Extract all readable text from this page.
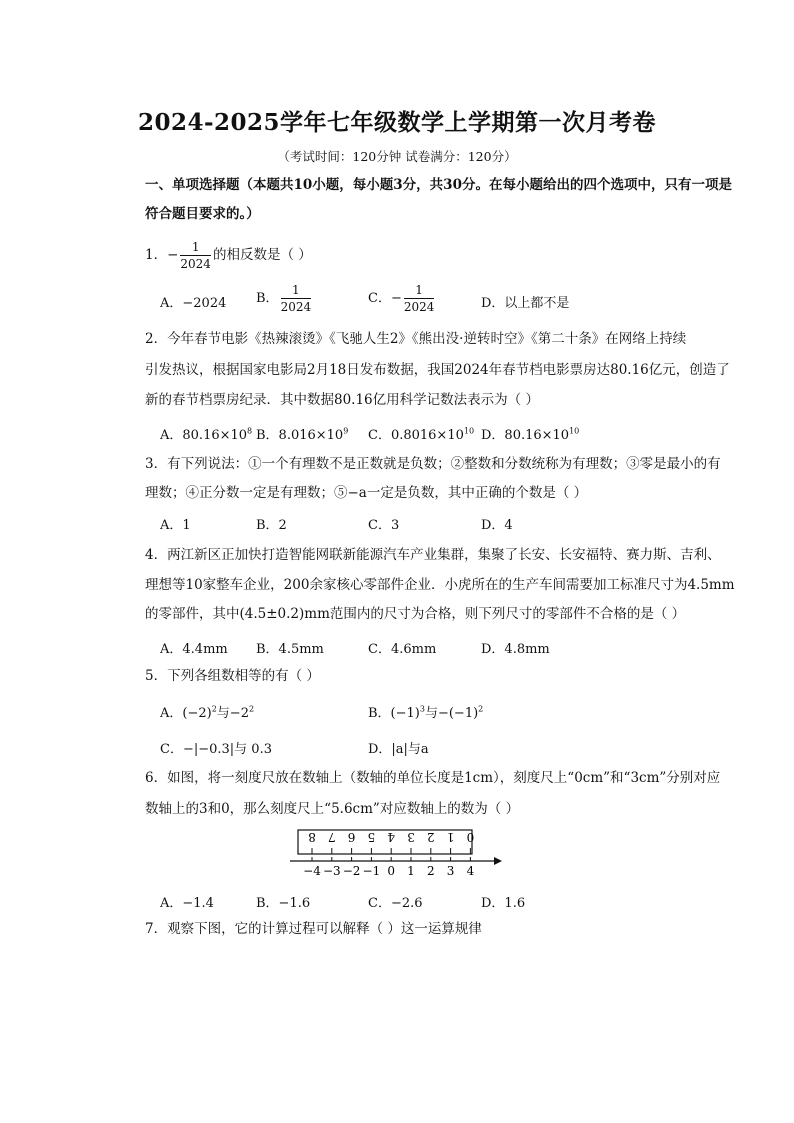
2024-2025学年七年级数学上学期第一次月考卷
（考试时间：120分钟 试卷满分：120分）
一、单项选择题（本题共10小题，每小题3分，共30分。在每小题给出的四个选项中，只有一项是
符合题目要求的。）
1．− $\frac{1}{2024}$ 的相反数是（ ）
A．−2024 B． $\frac{1}{2024}$	C．− $\frac{1}{2024}$	D．以上都不是
2．今年春节电影《热辣滚烫》《飞驰人生2》《熊出没·逆转时空》《第二十条》在网络上持续
引发热议，根据国家电影局2月18日发布数据，我国2024年春节档电影票房达80.16亿元，创造了
新的春节档票房纪录．其中数据80.16亿用科学记数法表示为（ ）
A．$80.16\times 10^8$ B．$8.016\times 10^9$ C．$0.8016\times 10^{10}$ D．$80.16\times 10^{10}$
3．有下列说法：①一个有理数不是正数就是负数；②整数和分数统称为有理数；③零是最小的有
理数；④正分数一定是有理数；⑤−a一定是负数，其中正确的个数是（ ）
A．1	B．2	C．3	D．4
4．两江新区正加快打造智能网联新能源汽车产业集群，集聚了长安、长安福特、赛力斯、吉利、
理想等10家整车企业，200余家核心零部件企业．小虎所在的生产车间需要加工标准尺寸为4.5mm
的零部件，其中(4.5±0.2)mm范围内的尺寸为合格，则下列尺寸的零部件不合格的是（ ）
A．4.4mm B．4.5mm	C．4.6mm	D．4.8mm
5．下列各组数相等的有（ ）
A．$(-2)^2$与$-2^2$	B．$(-1)^3$与$-(-1)^2$
C．−|−0.3|与 0.3	D．|a|与a
6．如图，将一刻度尺放在数轴上（数轴的单位长度是1cm），刻度尺上“0cm”和“3cm”分别对应
数轴上的3和0，那么刻度尺上“5.6cm”对应数轴上的数为（ ）
8 7 6 5 4 3 2 1 0
−4 −3 −2 −1 0 1 2 3 4
A．−1.4	B．−1.6	C．−2.6	D．1.6
7．观察下图，它的计算过程可以解释（ ）这一运算规律
